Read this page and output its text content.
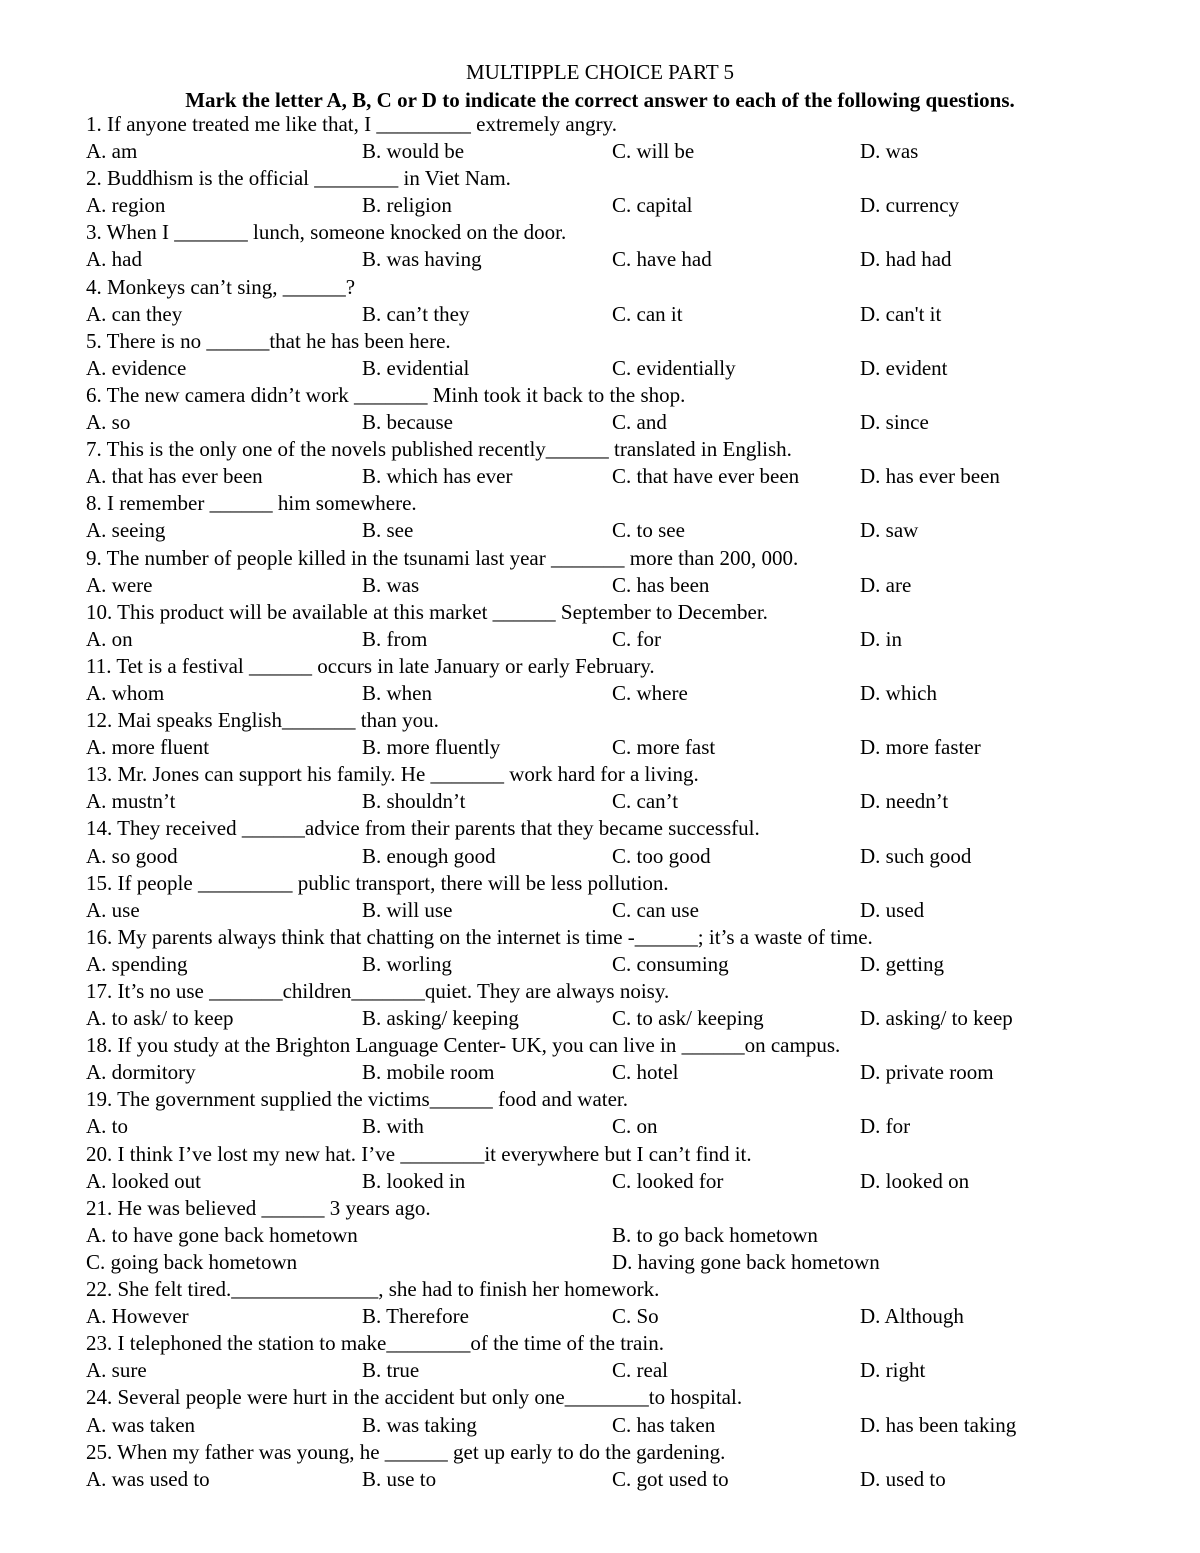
MULTIPPLE CHOICE PART 5
Mark the letter A, B, C or D to indicate the correct answer to each of the following questions.
1. If anyone treated me like that, I _________ extremely angry.
A. am	B. would be	C. will be	D. was
2. Buddhism is the official ________ in Viet Nam.
A. region	B. religion	C. capital	D. currency
3. When I _______ lunch, someone knocked on the door.
A. had	B. was having	C. have had	D. had had
4. Monkeys can’t sing, ______?
A. can they	B. can’t they	C. can it	D. can't it
5. There is no ______that he has been here.
A. evidence	B. evidential	C. evidentially	D. evident
6. The new camera didn’t work _______ Minh took it back to the shop.
A. so	B. because	C. and	D. since
7. This is the only one of the novels published recently______ translated in English.
A. that has ever been	B. which has ever	C. that have ever been	D. has ever been
8. I remember ______ him somewhere.
A. seeing	B. see	C. to see	D. saw
9. The number of people killed in the tsunami last year _______ more than 200, 000.
A. were	B. was	C. has been	D. are
10. This product will be available at this market ______ September to December.
A. on	B. from	C. for	D. in
11. Tet is a festival ______ occurs in late January or early February.
A. whom	B. when	C. where	D. which
12. Mai speaks English_______ than you.
A. more fluent	B. more fluently	C. more fast	D. more faster
13. Mr. Jones can support his family. He _______ work hard for a living.
A. mustn’t	B. shouldn’t	C. can’t	D. needn’t
14. They received ______advice from their parents that they became successful.
A. so good	B. enough good	C. too good	D. such good
15. If people _________ public transport, there will be less pollution.
A. use	B. will use	C. can use	D. used
16. My parents always think that chatting on the internet is time -______; it’s a waste of time.
A. spending	B. worling	C. consuming	D. getting
17. It’s no use _______children_______quiet. They are always noisy.
A. to ask/ to keep	B. asking/ keeping	C. to ask/ keeping	D. asking/ to keep
18. If you study at the Brighton Language Center- UK, you can live in ______on campus.
A. dormitory	B. mobile room	C. hotel	D. private room
19. The government supplied the victims______ food and water.
A. to	B. with	C. on	D. for
20. I think I’ve lost my new hat. I’ve ________it everywhere but I can’t find it.
A. looked out	B. looked in	C. looked for	D. looked on
21. He was believed ______ 3 years ago.
A. to have gone back hometown	B. to go back hometown
C. going back hometown	D. having gone back hometown
22. She felt tired.______________, she had to finish her homework.
A. However	B. Therefore	C. So	D. Although
23. I telephoned the station to make________of the time of the train.
A. sure	B. true	C. real	D. right
24. Several people were hurt in the accident but only one________to hospital.
A. was taken	B. was taking	C. has taken	D. has been taking
25. When my father was young, he ______ get up early to do the gardening.
A. was used to	B. use to	C. got used to	D. used to
